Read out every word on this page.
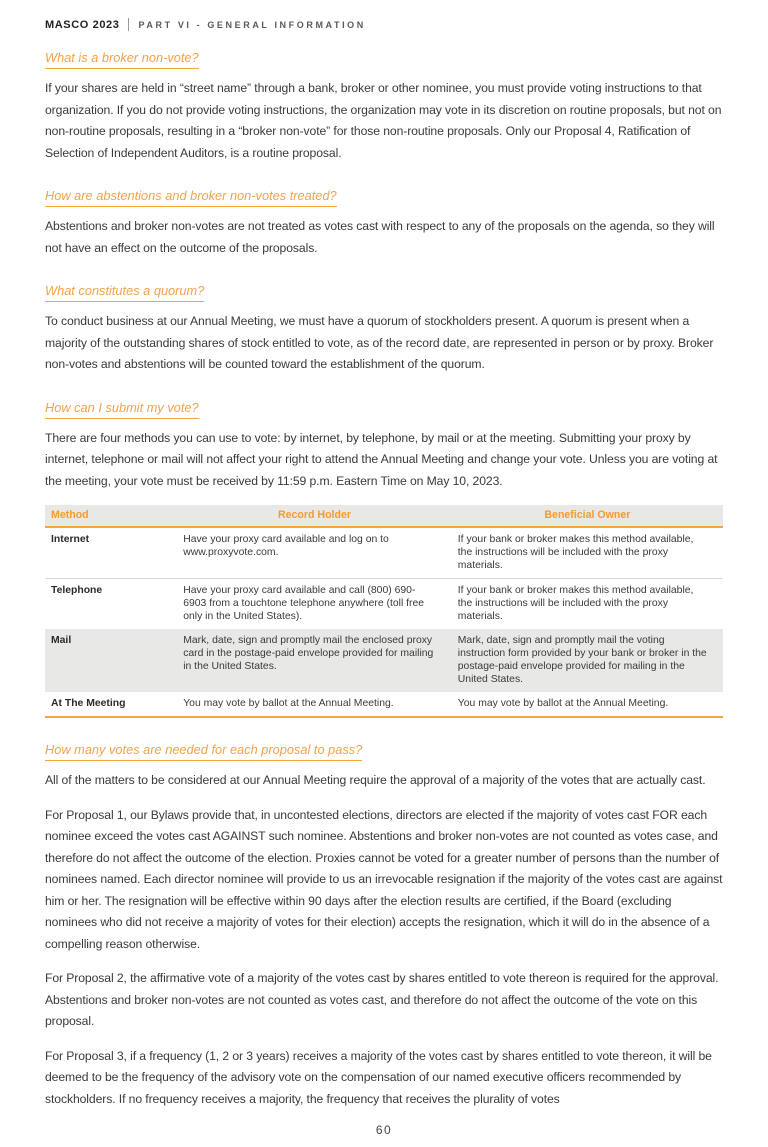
MASCO 2023 PART VI - GENERAL INFORMATION
What is a broker non-vote?

If your shares are held in “street name” through a bank, broker or other nominee, you must provide voting instructions to that organization. If you do not provide voting instructions, the organization may vote in its discretion on routine proposals, but not on non-routine proposals, resulting in a “broker non-vote” for those non-routine proposals. Only our Proposal 4, Ratification of Selection of Independent Auditors, is a routine proposal.

How are abstentions and broker non-votes treated?

Abstentions and broker non-votes are not treated as votes cast with respect to any of the proposals on the agenda, so they will not have an effect on the outcome of the proposals.

What constitutes a quorum?

To conduct business at our Annual Meeting, we must have a quorum of stockholders present. A quorum is present when a majority of the outstanding shares of stock entitled to vote, as of the record date, are represented in person or by proxy. Broker non-votes and abstentions will be counted toward the establishment of the quorum.

How can I submit my vote?

There are four methods you can use to vote: by internet, by telephone, by mail or at the meeting. Submitting your proxy by internet, telephone or mail will not affect your right to attend the Annual Meeting and change your vote. Unless you are voting at the meeting, your vote must be received by 11:59 p.m. Eastern Time on May 10, 2023.

Method	Record Holder	Beneficial Owner
Internet	Have your proxy card available and log on to www.proxyvote.com.	If your bank or broker makes this method available, the instructions will be included with the proxy materials.
Telephone	Have your proxy card available and call (800) 690-6903 from a touchtone telephone anywhere (toll free only in the United States).	If your bank or broker makes this method available, the instructions will be included with the proxy materials.
Mail	Mark, date, sign and promptly mail the enclosed proxy card in the postage-paid envelope provided for mailing in the United States.	Mark, date, sign and promptly mail the voting instruction form provided by your bank or broker in the postage-paid envelope provided for mailing in the United States.
At The Meeting	You may vote by ballot at the Annual Meeting.	You may vote by ballot at the Annual Meeting.
How many votes are needed for each proposal to pass?

All of the matters to be considered at our Annual Meeting require the approval of a majority of the votes that are actually cast.

For Proposal 1, our Bylaws provide that, in uncontested elections, directors are elected if the majority of votes cast FOR each nominee exceed the votes cast AGAINST such nominee. Abstentions and broker non-votes are not counted as votes case, and therefore do not affect the outcome of the election. Proxies cannot be voted for a greater number of persons than the number of nominees named. Each director nominee will provide to us an irrevocable resignation if the majority of the votes cast are against him or her. The resignation will be effective within 90 days after the election results are certified, if the Board (excluding nominees who did not receive a majority of votes for their election) accepts the resignation, which it will do in the absence of a compelling reason otherwise.

For Proposal 2, the affirmative vote of a majority of the votes cast by shares entitled to vote thereon is required for the approval. Abstentions and broker non-votes are not counted as votes cast, and therefore do not affect the outcome of the vote on this proposal.

For Proposal 3, if a frequency (1, 2 or 3 years) receives a majority of the votes cast by shares entitled to vote thereon, it will be deemed to be the frequency of the advisory vote on the compensation of our named executive officers recommended by stockholders. If no frequency receives a majority, the frequency that receives the plurality of votes

60
